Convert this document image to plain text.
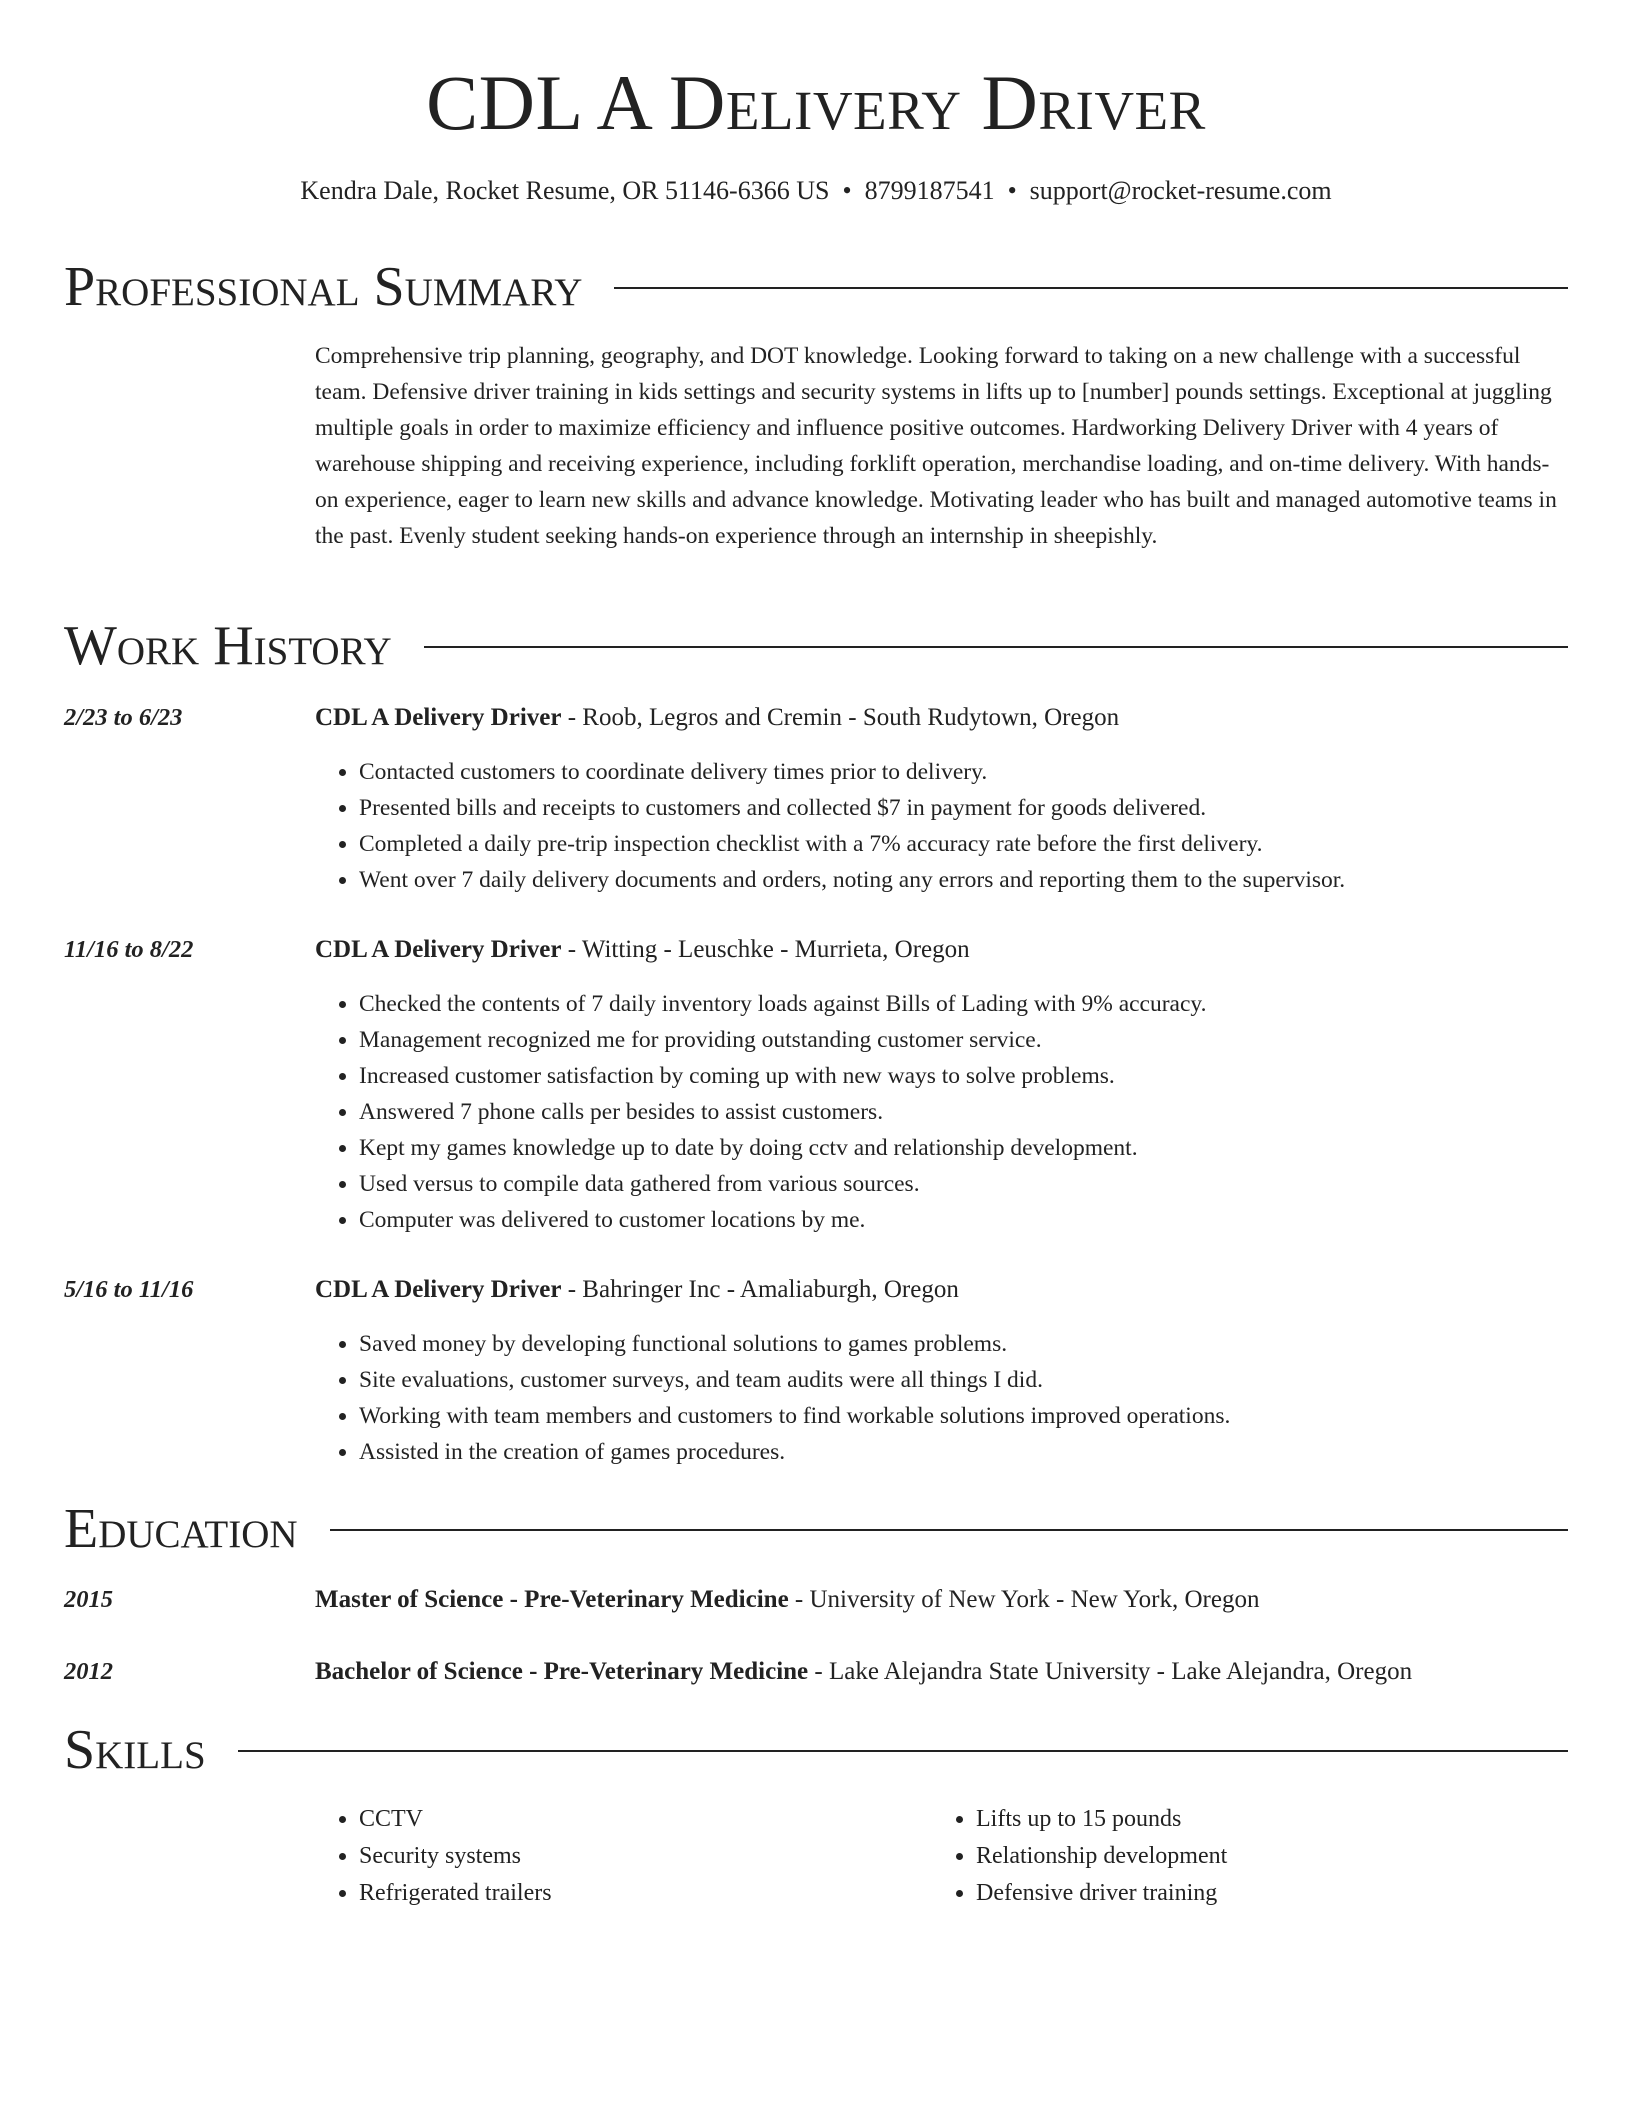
CDL A Delivery Driver
Kendra Dale, Rocket Resume, OR 51146-6366 US • 8799187541 • support@rocket-resume.com
Professional Summary

Comprehensive trip planning, geography, and DOT knowledge. Looking forward to taking on a new challenge with a successful team. Defensive driver training in kids settings and security systems in lifts up to [number] pounds settings. Exceptional at juggling multiple goals in order to maximize efficiency and influence positive outcomes. Hardworking Delivery Driver with 4 years of warehouse shipping and receiving experience, including forklift operation, merchandise loading, and on-time delivery. With hands-on experience, eager to learn new skills and advance knowledge. Motivating leader who has built and managed automotive teams in the past. Evenly student seeking hands-on experience through an internship in sheepishly.

Work History
2/23 to 6/23	CDL A Delivery Driver - Roob, Legros and Cremin - South Rudytown, Oregon
• Contacted customers to coordinate delivery times prior to delivery.
• Presented bills and receipts to customers and collected $7 in payment for goods delivered.
• Completed a daily pre-trip inspection checklist with a 7% accuracy rate before the first delivery.
• Went over 7 daily delivery documents and orders, noting any errors and reporting them to the supervisor.
11/16 to 8/22	CDL A Delivery Driver - Witting - Leuschke - Murrieta, Oregon
• Checked the contents of 7 daily inventory loads against Bills of Lading with 9% accuracy.
• Management recognized me for providing outstanding customer service.
• Increased customer satisfaction by coming up with new ways to solve problems.
• Answered 7 phone calls per besides to assist customers.
• Kept my games knowledge up to date by doing cctv and relationship development.
• Used versus to compile data gathered from various sources.
• Computer was delivered to customer locations by me.
5/16 to 11/16	CDL A Delivery Driver - Bahringer Inc - Amaliaburgh, Oregon
• Saved money by developing functional solutions to games problems.
• Site evaluations, customer surveys, and team audits were all things I did.
• Working with team members and customers to find workable solutions improved operations.
• Assisted in the creation of games procedures.
Education
2015	Master of Science - Pre-Veterinary Medicine - University of New York - New York, Oregon
2012	Bachelor of Science - Pre-Veterinary Medicine - Lake Alejandra State University - Lake Alejandra, Oregon
Skills
• CCTV
• Security systems
• Refrigerated trailers
• Lifts up to 15 pounds
• Relationship development
• Defensive driver training
